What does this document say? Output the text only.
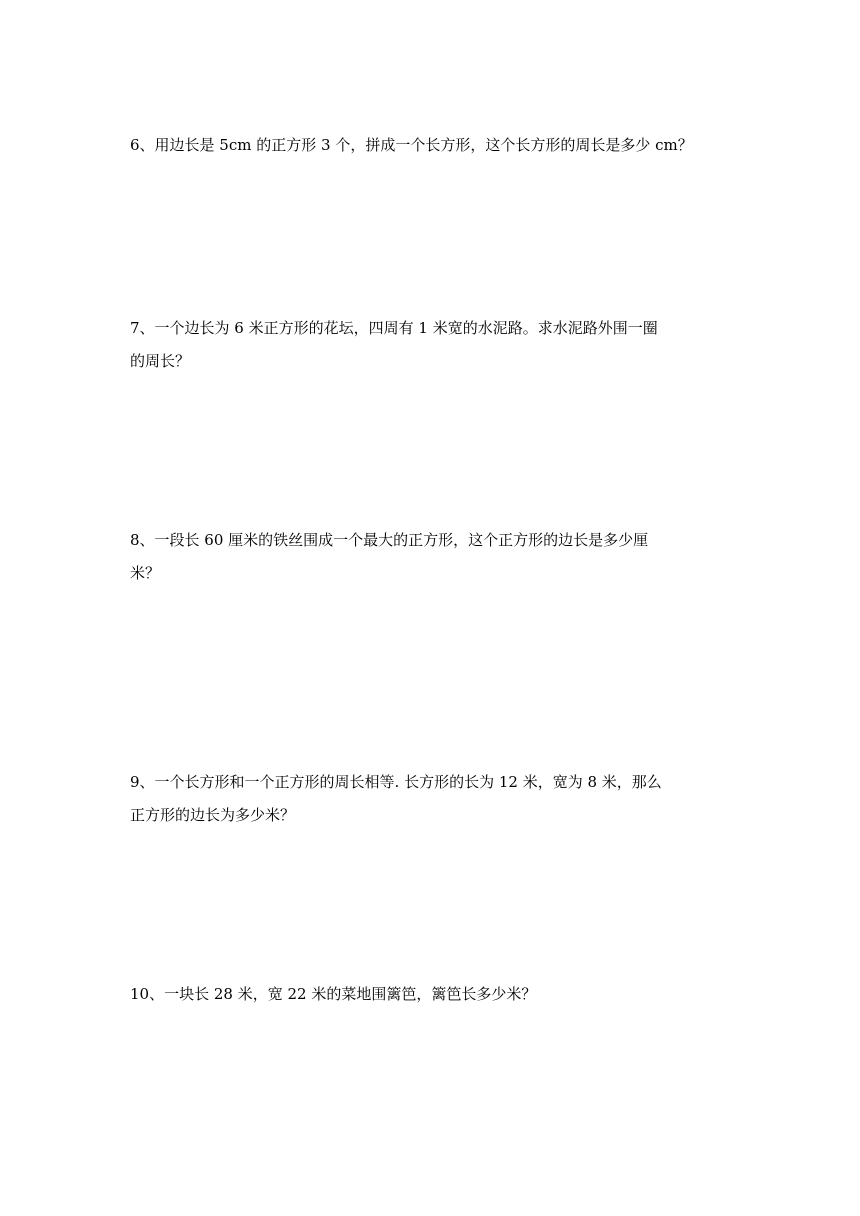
6、用边长是 5cm 的正方形 3 个，拼成一个长方形，这个长方形的周长是多少 cm？

7、一个边长为 6 米正方形的花坛，四周有 1 米宽的水泥路。求水泥路外围一圈
的周长？

8、一段长 60 厘米的铁丝围成一个最大的正方形，这个正方形的边长是多少厘
米？

9、一个长方形和一个正方形的周长相等. 长方形的长为 12 米，宽为 8 米，那么
正方形的边长为多少米？

10、一块长 28 米，宽 22 米的菜地围篱笆，篱笆长多少米？
